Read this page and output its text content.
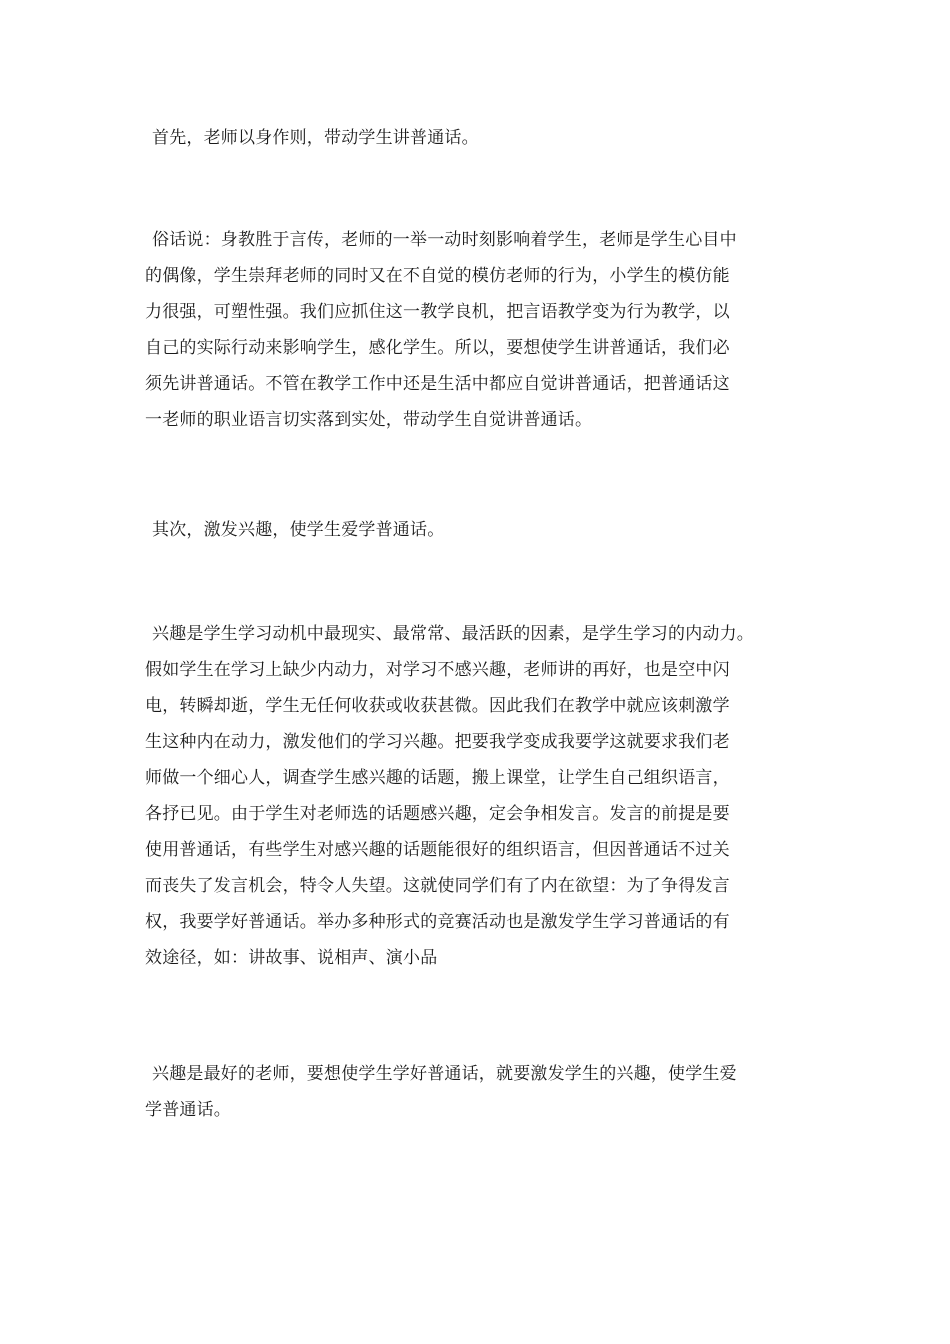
首先，老师以身作则，带动学生讲普通话。
俗话说：身教胜于言传，老师的一举一动时刻影响着学生，老师是学生心目中
的偶像，学生崇拜老师的同时又在不自觉的模仿老师的行为，小学生的模仿能
力很强，可塑性强。我们应抓住这一教学良机，把言语教学变为行为教学，以
自己的实际行动来影响学生，感化学生。所以，要想使学生讲普通话，我们必
须先讲普通话。不管在教学工作中还是生活中都应自觉讲普通话，把普通话这
一老师的职业语言切实落到实处，带动学生自觉讲普通话。
其次，激发兴趣，使学生爱学普通话。
兴趣是学生学习动机中最现实、最常常、最活跃的因素，是学生学习的内动力。
假如学生在学习上缺少内动力，对学习不感兴趣，老师讲的再好，也是空中闪
电，转瞬却逝，学生无任何收获或收获甚微。因此我们在教学中就应该刺激学
生这种内在动力，激发他们的学习兴趣。把要我学变成我要学这就要求我们老
师做一个细心人，调查学生感兴趣的话题，搬上课堂，让学生自己组织语言，
各抒已见。由于学生对老师选的话题感兴趣，定会争相发言。发言的前提是要
使用普通话，有些学生对感兴趣的话题能很好的组织语言，但因普通话不过关
而丧失了发言机会，特令人失望。这就使同学们有了内在欲望：为了争得发言
权，我要学好普通话。举办多种形式的竞赛活动也是激发学生学习普通话的有
效途径，如：讲故事、说相声、演小品
兴趣是最好的老师，要想使学生学好普通话，就要激发学生的兴趣，使学生爱
学普通话。
